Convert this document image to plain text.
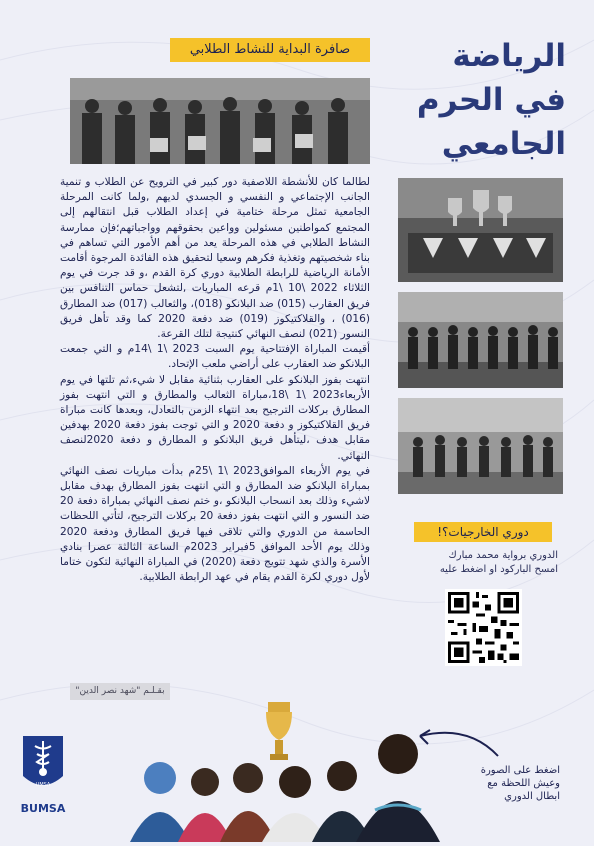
الرياضة
في الحرم
الجامعي
صافرة البداية للنشاط الطلابي

لطالما كان للأنشطة اللاصفية دور كبير في الترويح عن الطلاب و تنمية الجانب الإجتماعي و النفسي و الجسدي لديهم ,ولما كانت المرحلة الجامعية تمثل مرحلة ختامية في إعداد الطلاب قبل انتقالهم إلى المجتمع كمواطنين مسئولين وواعين بحقوقهم وواجباتهم؛فإن ممارسة النشاط الطلابي في هذه المرحلة يعد من أهم الأمور التي تساهم في بناء شخصيتهم وتغذية فكرهم وسعيا لتحقيق هذه الفائدة المرجوة أقامت الأمانة الرياضية للرابطة الطلابية دوري كرة القدم ،و قد جرت في يوم الثلاثاء 2022 \10 \1م قرعه المباريات ,لتشعل حماس التنافس بين فريق العقارب (015) ضد البلانكو (018)، والثعالب (017) ضد المطارق (016) ، والقلاكتيكوز (019) ضد دفعة 2020 كما وقد تأهل فريق النسور (021) لنصف النهائي كنتيجة لتلك القرعة.

أقيمت المباراة الإفتتاحية يوم السبت 2023 \1 \14م و التي جمعت البلانكو ضد العقارب على أراضي ملعب الإتحاد.

انتهت بفوز البلانكو على العقارب بثنائية مقابل لا شيء،ثم تلتها في يوم الأربعاء2023 \1 \18،مباراة الثعالب والمطارق و التي انتهت بفوز المطارق بركلات الترجيح بعد انتهاء الزمن بالتعادل، وبعدها كانت مباراة فريق القلاكتيكوز و دفعة 2020 و التي توجت بفوز دفعة 2020 بهدفين مقابل هدف ،ليتأهل فريق البلانكو و المطارق و دفعة 2020لنصف النهائي.

في يوم الأربعاء الموافق2023 \1 \25م بدأت مباريات نصف النهائي بمباراة البلانكو ضد المطارق و التي انتهت بفوز المطارق بهدف مقابل لاشيء وذلك بعد انسحاب البلانكو ،و ختم نصف النهائي بمباراة دفعة 20 ضد النسور و التي انتهت بفوز دفعة 20 بركلات الترجيح، لتأتي اللحظات الحاسمة من الدوري والتي تلاقى فيها فريق المطارق ودفعة 2020 وذلك يوم الأحد الموافق 5فبراير 2023م الساعة الثالثة عصرا بنادي الأسرة والذي شهد تتويج دفعة (2020) في المباراة النهائية لتكون ختاما لأول دوري لكرة القدم يقام في عهد الرابطة الطلابية.

بقـلـم "شهد نصر الدين"
دوري الخارجيات؟!
الدوري برواية محمد مبارك
امسح الباركود او اضغط عليه
اضغط على الصورة
وعيش اللحظة مع
ابطال الدوري
UMSA
BUMSA
